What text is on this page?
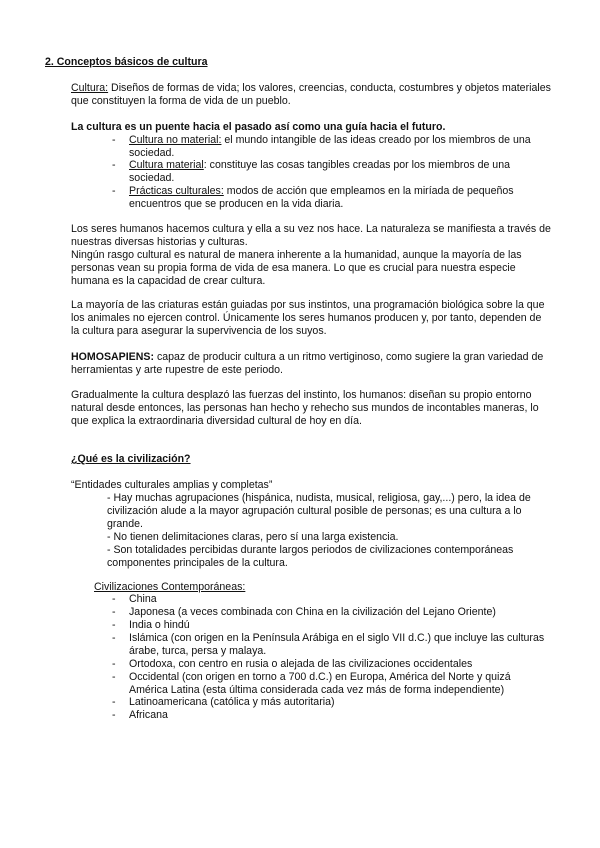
2. Conceptos básicos de cultura
Cultura: Diseños de formas de vida; los valores, creencias, conducta, costumbres y objetos materiales que constituyen la forma de vida de un pueblo.
La cultura es un puente hacia el pasado así como una guía hacia el futuro.
-	Cultura no material: el mundo intangible de las ideas creado por los miembros de una sociedad.
-	Cultura material: constituye las cosas tangibles creadas por los miembros de una sociedad.
-	Prácticas culturales: modos de acción que empleamos en la miríada de pequeños encuentros que se producen en la vida diaria.
Los seres humanos hacemos cultura y ella a su vez nos hace. La naturaleza se manifiesta a través de nuestras diversas historias y culturas.
Ningún rasgo cultural es natural de manera inherente a la humanidad, aunque la mayoría de las personas vean su propia forma de vida de esa manera. Lo que es crucial para nuestra especie humana es la capacidad de crear cultura.
La mayoría de las criaturas están guiadas por sus instintos, una programación biológica sobre la que los animales no ejercen control. Únicamente los seres humanos producen y, por tanto, dependen de la cultura para asegurar la supervivencia de los suyos.
HOMOSAPIENS: capaz de producir cultura a un ritmo vertiginoso, como sugiere la gran variedad de herramientas y arte rupestre de este periodo.
Gradualmente la cultura desplazó las fuerzas del instinto, los humanos: diseñan su propio entorno natural desde entonces, las personas han hecho y rehecho sus mundos de incontables maneras, lo que explica la extraordinaria diversidad cultural de hoy en día.
¿Qué es la civilización?
“Entidades culturales amplias y completas”
- Hay muchas agrupaciones (hispánica, nudista, musical, religiosa, gay,...) pero, la idea de civilización alude a la mayor agrupación cultural posible de personas; es una cultura a lo grande.
- No tienen delimitaciones claras, pero sí una larga existencia.
- Son totalidades percibidas durante largos periodos de civilizaciones contemporáneas componentes principales de la cultura.
Civilizaciones Contemporáneas:
-	China
-	Japonesa (a veces combinada con China en la civilización del Lejano Oriente)
-	India o hindú
-	Islámica (con origen en la Península Arábiga en el siglo VII d.C.) que incluye las culturas árabe, turca, persa y malaya.
-	Ortodoxa, con centro en rusia o alejada de las civilizaciones occidentales
-	Occidental (con origen en torno a 700 d.C.) en Europa, América del Norte y quizá América Latina (esta última considerada cada vez más de forma independiente)
-	Latinoamericana (católica y más autoritaria)
-	Africana
